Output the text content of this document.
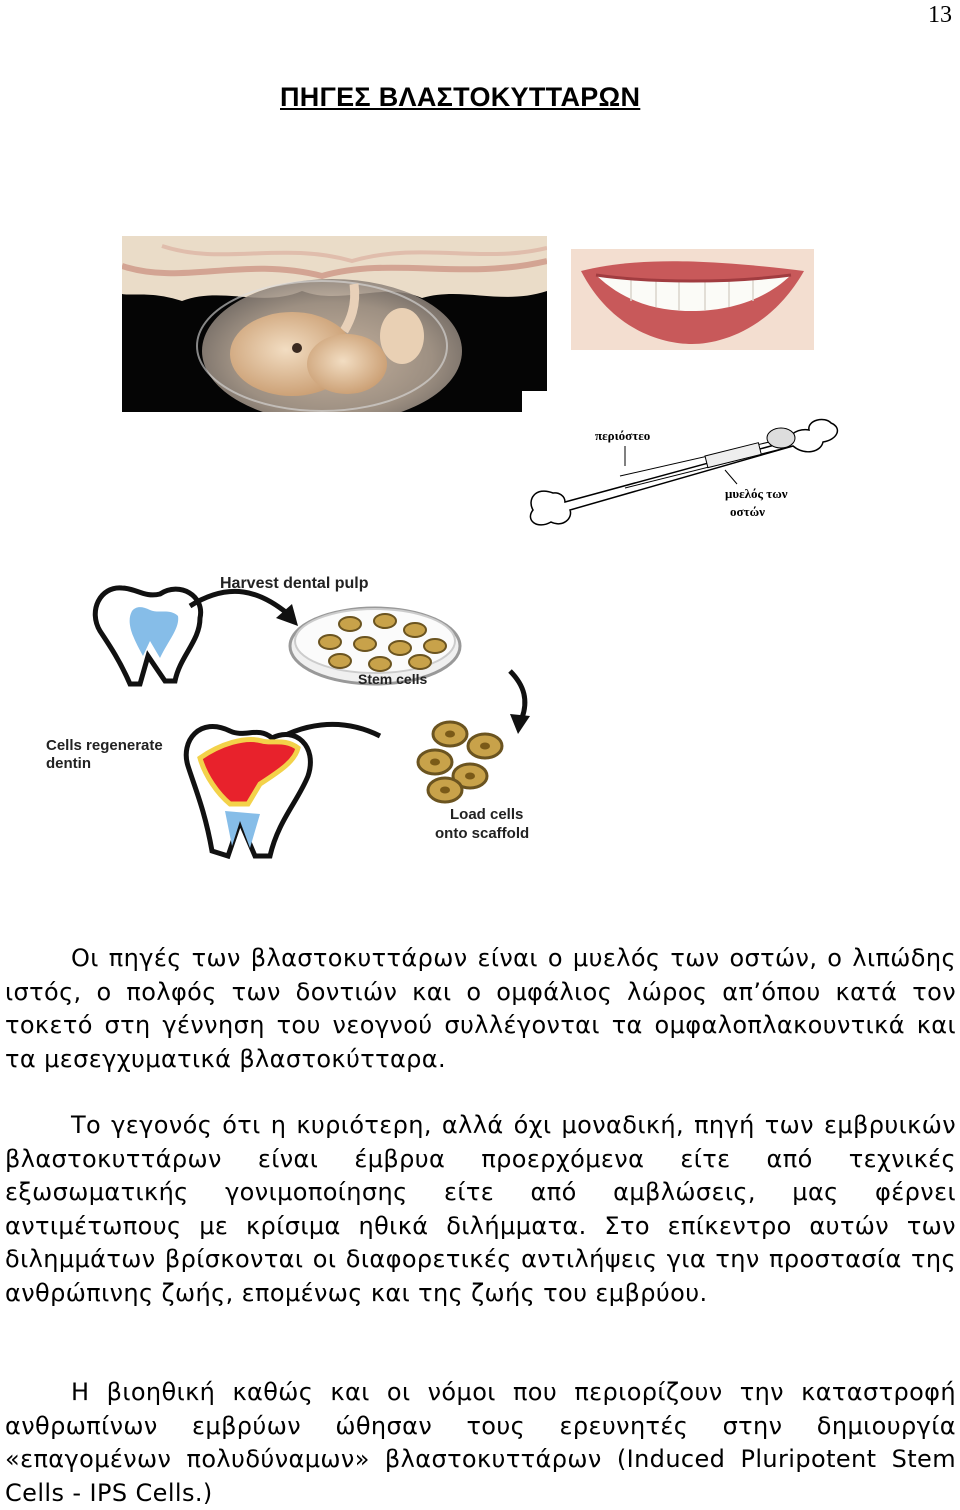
13
ΠΗΓΕΣ ΒΛΑΣΤΟΚΥΤΤΑΡΩΝ
περιόστεο
μυελός των
οστών
Harvest dental pulp
Stem cells
Cells regenerate
dentin
Load cells
onto scaffold

Οι πηγές των βλαστοκυττάρων είναι ο μυελός των οστών, ο λιπώδης ιστός, ο πολφός των δοντιών και ο ομφάλιος λώρος απ’όπου κατά τον τοκετό στη γέννηση του νεογνού συλλέγονται τα ομφαλοπλακουντικά και τα μεσεγχυματικά βλαστοκύτταρα.

Το γεγονός ότι η κυριότερη, αλλά όχι μοναδική, πηγή των εμβρυικών βλαστοκυττάρων είναι έμβρυα προερχόμενα είτε από τεχνικές εξωσωματικής γονιμοποίησης είτε από αμβλώσεις, μας φέρνει αντιμέτωπους με κρίσιμα ηθικά διλήμματα. Στο επίκεντρο αυτών των διλημμάτων βρίσκονται οι διαφορετικές αντιλήψεις για την προστασία της ανθρώπινης ζωής, επομένως και της ζωής του εμβρύου.

Η βιοηθική καθώς και οι νόμοι που περιορίζουν την καταστροφή ανθρωπίνων εμβρύων ώθησαν τους ερευνητές στην δημιουργία «επαγομένων πολυδύναμων» βλαστοκυττάρων (Induced Pluripotent Stem Cells - IPS Cells.)
